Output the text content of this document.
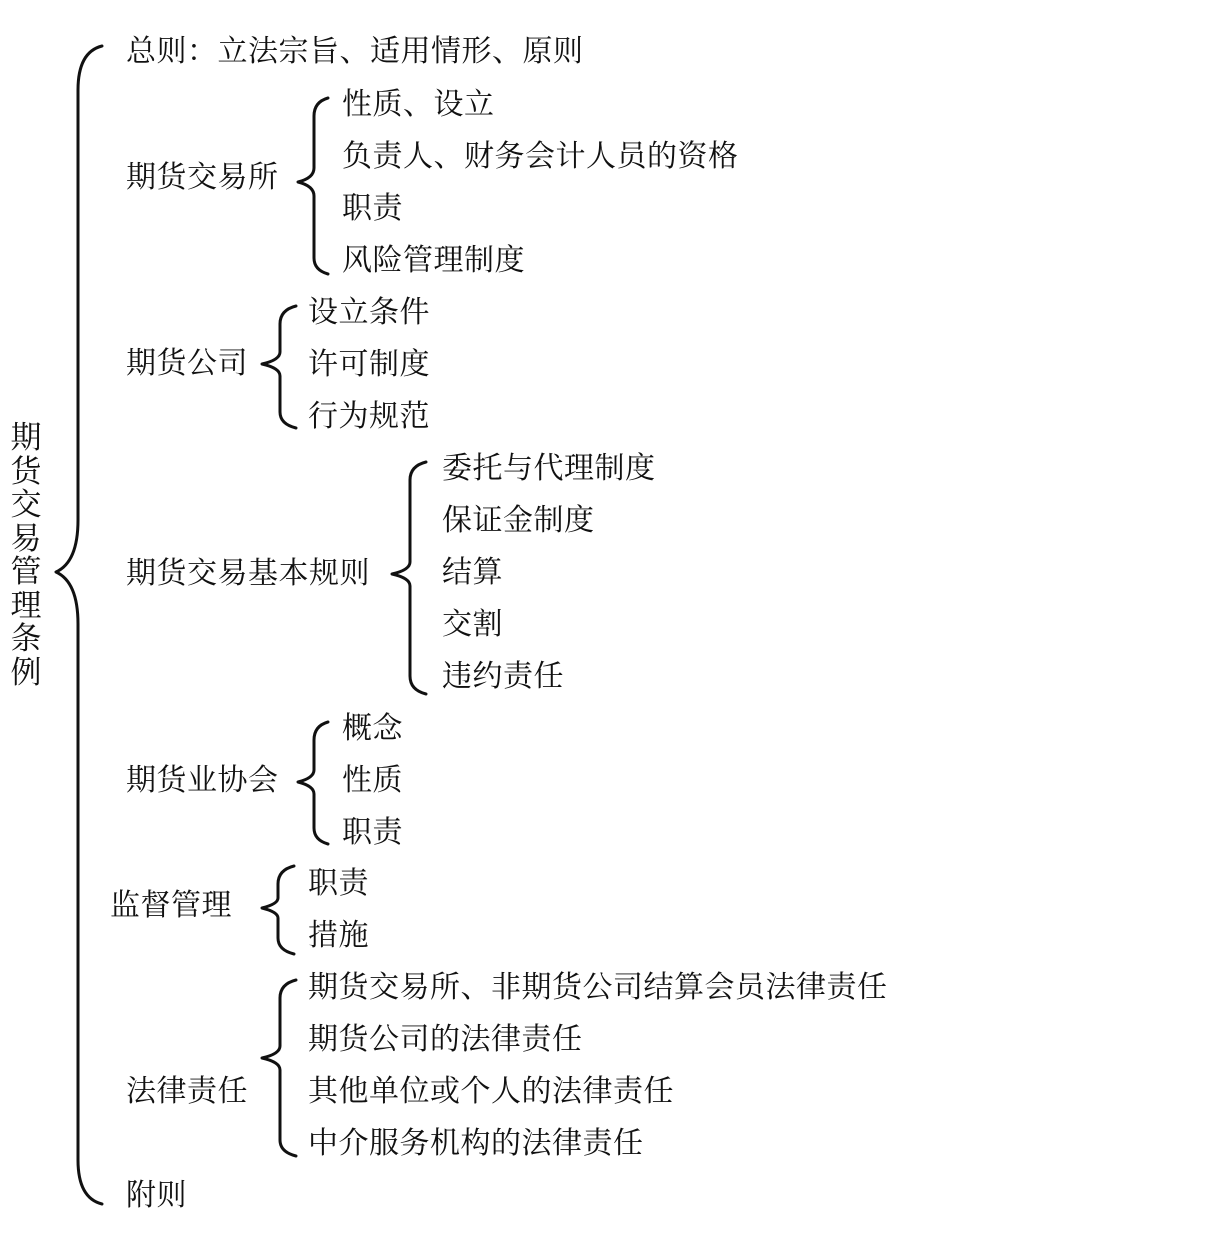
期货交易管理条例
总则：立法宗旨、适用情形、原则
期货交易所
性质、设立
负责人、财务会计人员的资格
职责
风险管理制度
期货公司
设立条件
许可制度
行为规范
期货交易基本规则
委托与代理制度
保证金制度
结算
交割
违约责任
期货业协会
概念
性质
职责
监督管理
职责
措施
法律责任
期货交易所、非期货公司结算会员法律责任
期货公司的法律责任
其他单位或个人的法律责任
中介服务机构的法律责任
附则
